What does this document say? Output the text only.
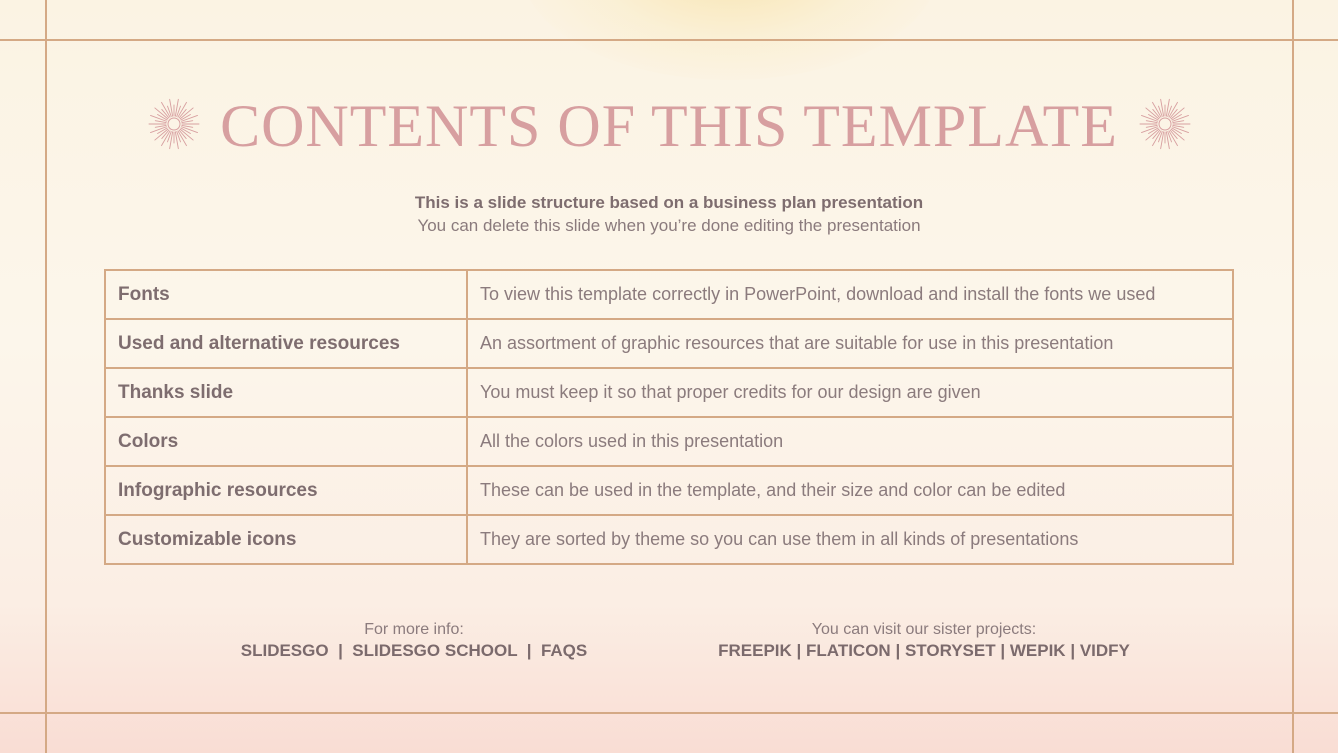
CONTENTS OF THIS TEMPLATE
This is a slide structure based on a business plan presentation
You can delete this slide when you’re done editing the presentation
Fonts	To view this template correctly in PowerPoint, download and install the fonts we used
Used and alternative resources	An assortment of graphic resources that are suitable for use in this presentation
Thanks slide	You must keep it so that proper credits for our design are given
Colors	All the colors used in this presentation
Infographic resources	These can be used in the template, and their size and color can be edited
Customizable icons	They are sorted by theme so you can use them in all kinds of presentations
For more info:
SLIDESGO | SLIDESGO SCHOOL | FAQS
You can visit our sister projects:
FREEPIK | FLATICON | STORYSET | WEPIK | VIDFY
